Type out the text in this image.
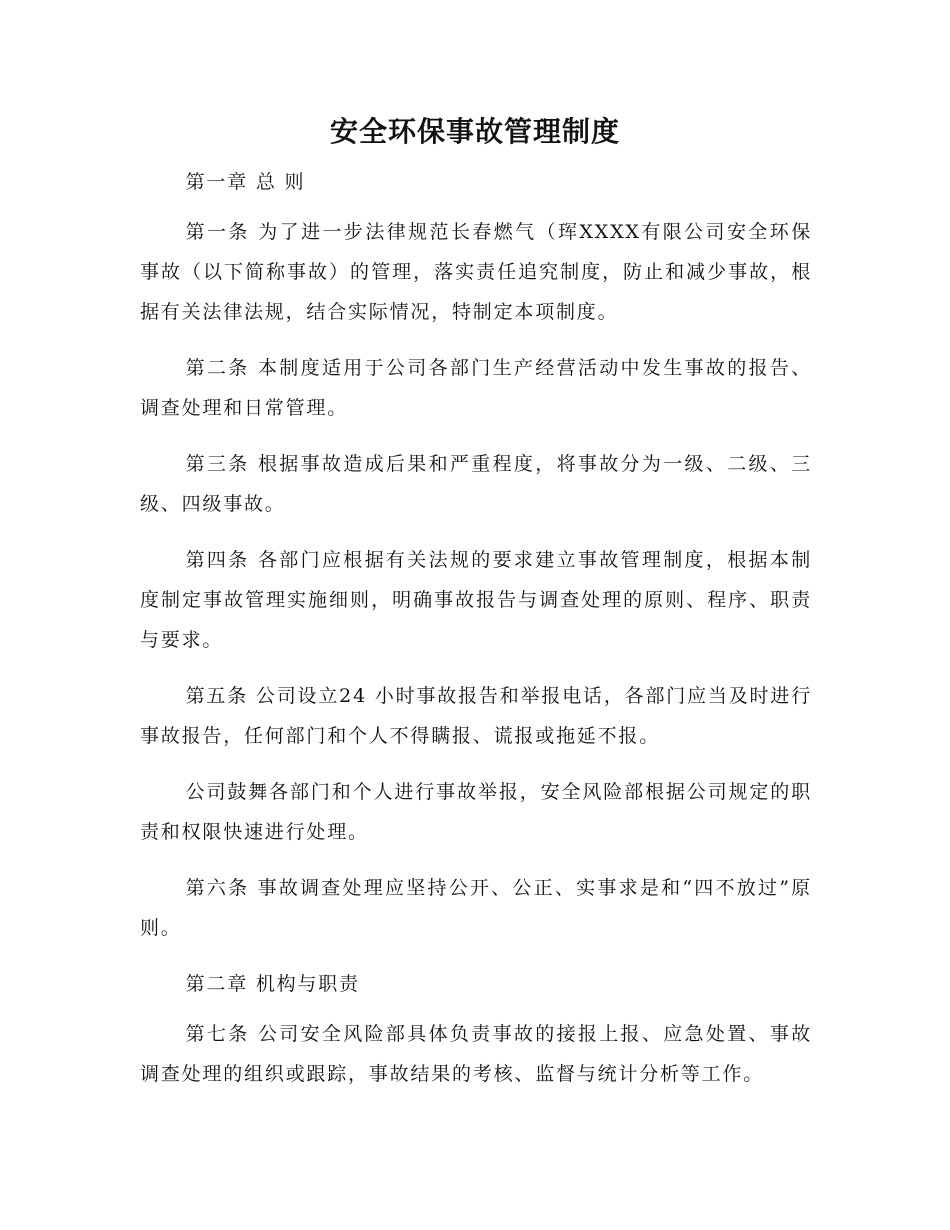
安全环保事故管理制度

第一章 总 则

第一条 为了进一步法律规范长春燃气（珲XXXX有限公司安全环保事故（以下简称事故）的管理，落实责任追究制度，防止和减少事故，根据有关法律法规，结合实际情况，特制定本项制度。

第二条 本制度适用于公司各部门生产经营活动中发生事故的报告、调查处理和日常管理。

第三条 根据事故造成后果和严重程度，将事故分为一级、二级、三级、四级事故。

第四条 各部门应根据有关法规的要求建立事故管理制度，根据本制度制定事故管理实施细则，明确事故报告与调查处理的原则、程序、职责与要求。

第五条 公司设立24 小时事故报告和举报电话，各部门应当及时进行事故报告，任何部门和个人不得瞒报、谎报或拖延不报。

公司鼓舞各部门和个人进行事故举报，安全风险部根据公司规定的职责和权限快速进行处理。

第六条 事故调查处理应坚持公开、公正、实事求是和“四不放过”原则。

第二章 机构与职责

第七条 公司安全风险部具体负责事故的接报上报、应急处置、事故调查处理的组织或跟踪，事故结果的考核、监督与统计分析等工作。
